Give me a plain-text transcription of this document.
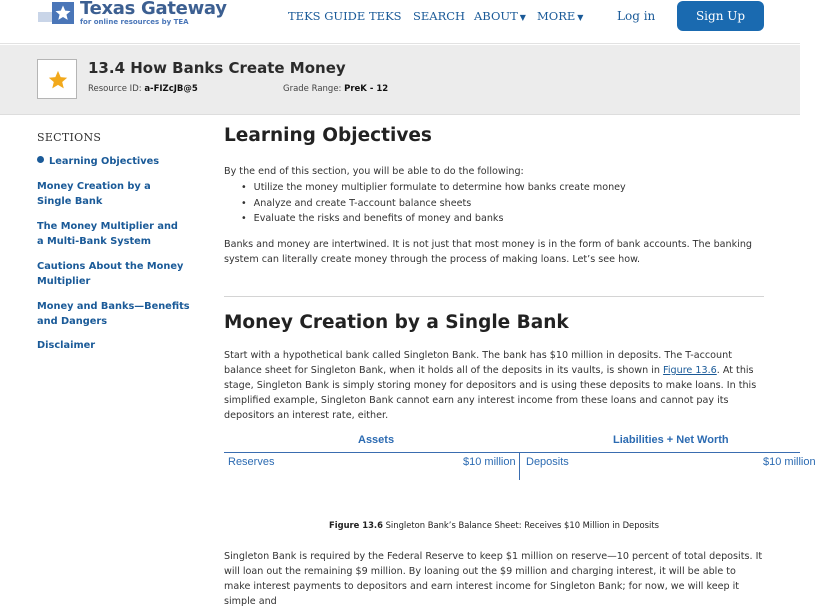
Texas Gateway
for online resources by TEA	TEKS GUIDE TEKS SEARCH ABOUT ▼ MORE ▼	Log in	Sign Up
13.4 How Banks Create Money
Resource ID: a-FIZcJB@5	Grade Range: PreK - 12
SECTIONS
Learning Objectives
Money Creation by a Single Bank
The Money Multiplier and a Multi-Bank System
Cautions About the Money Multiplier
Money and Banks—Benefits and Dangers
Disclaimer
Learning Objectives
By the end of this section, you will be able to do the following:
• Utilize the money multiplier formulate to determine how banks create money
• Analyze and create T-account balance sheets
• Evaluate the risks and benefits of money and banks
Banks and money are intertwined. It is not just that most money is in the form of bank accounts. The banking system can literally create money through the process of making loans. Let’s see how.
Money Creation by a Single Bank
Start with a hypothetical bank called Singleton Bank. The bank has $10 million in deposits. The T-account balance sheet for Singleton Bank, when it holds all of the deposits in its vaults, is shown in Figure 13.6. At this stage, Singleton Bank is simply storing money for depositors and is using these deposits to make loans. In this simplified example, Singleton Bank cannot earn any interest income from these loans and cannot pay its depositors an interest rate, either.
Assets	Liabilities + Net Worth
Reserves	$10 million Deposits	$10 million
Figure 13.6 Singleton Bank’s Balance Sheet: Receives $10 Million in Deposits
Singleton Bank is required by the Federal Reserve to keep $1 million on reserve—10 percent of total deposits. It will loan out the remaining $9 million. By loaning out the $9 million and charging interest, it will be able to make interest payments to depositors and earn interest income for Singleton Bank; for now, we will keep it simple and
